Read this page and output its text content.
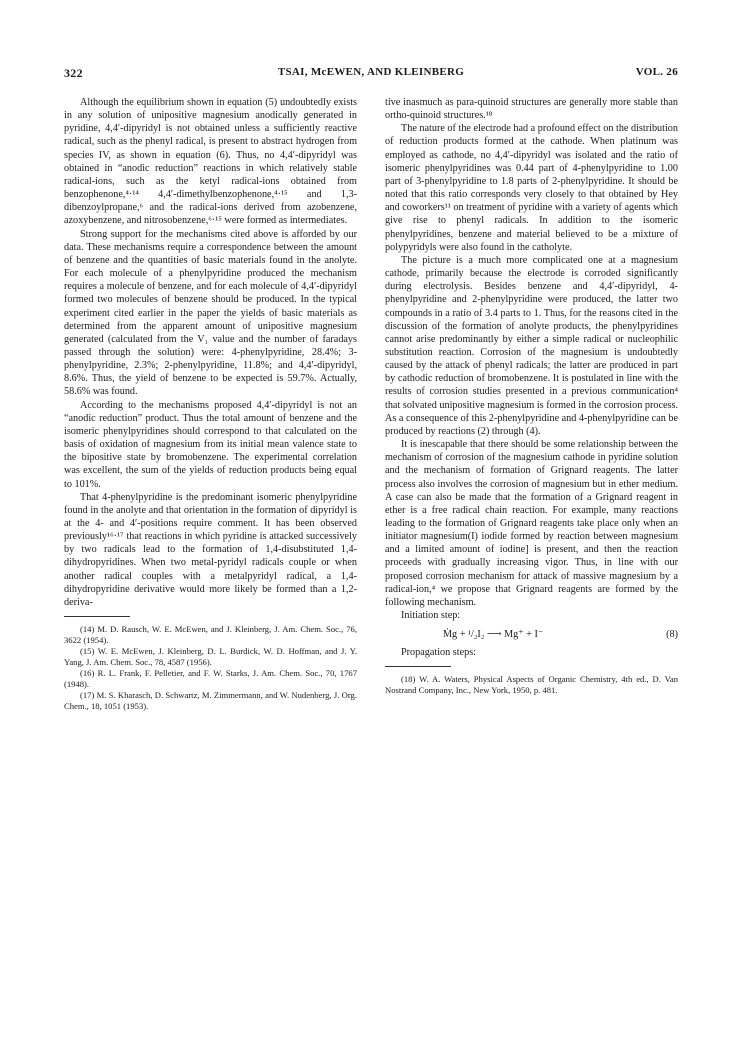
322	TSAI, McEWEN, AND KLEINBERG	VOL. 26

Although the equilibrium shown in equation (5) undoubtedly exists in any solution of unipositive magnesium anodically generated in pyridine, 4,4′-dipyridyl is not obtained unless a sufficiently reactive radical, such as the phenyl radical, is present to abstract hydrogen from species IV, as shown in equation (6). Thus, no 4,4′-dipyridyl was obtained in “anodic reduction” reactions in which relatively stable radical-ions, such as the ketyl radical-ions obtained from benzophenone,⁴·¹⁴ 4,4′-dimethylbenzophenone,⁴·¹⁵ and 1,3-dibenzoylpropane,⁶ and the radical-ions derived from azobenzene, azoxybenzene, and nitrosobenzene,⁶·¹⁵ were formed as intermediates.

Strong support for the mechanisms cited above is afforded by our data. These mechanisms require a correspondence between the amount of benzene and the quantities of basic materials found in the anolyte. For each molecule of a phenylpyridine produced the mechanism requires a molecule of benzene, and for each molecule of 4,4′-dipyridyl formed two molecules of benzene should be produced. In the typical experiment cited earlier in the paper the yields of basic materials as determined from the apparent amount of unipositive magnesium generated (calculated from the V₁ value and the number of faradays passed through the solution) were: 4-phenylpyridine, 28.4%; 3-phenylpyridine, 2.3%; 2-phenylpyridine, 11.8%; and 4,4′-dipyridyl, 8.6%. Thus, the yield of benzene to be expected is 59.7%. Actually, 58.6% was found.

According to the mechanisms proposed 4,4′-dipyridyl is not an “anodic reduction” product. Thus the total amount of benzene and the isomeric phenylpyridines should correspond to that calculated on the basis of oxidation of magnesium from its initial mean valence state to the bipositive state by bromobenzene. The experimental correlation was excellent, the sum of the yields of reduction products being equal to 101%.

That 4-phenylpyridine is the predominant isomeric phenylpyridine found in the anolyte and that orientation in the formation of dipyridyl is at the 4- and 4′-positions require comment. It has been observed previously¹⁶·¹⁷ that reactions in which pyridine is attacked successively by two radicals lead to the formation of 1,4-disubstituted 1,4-dihydropyridines. When two metal-pyridyl radicals couple or when another radical couples with a metalpyridyl radical, a 1,4-dihydropyridine derivative would more likely be formed than a 1,2-deriva-

(14) M. D. Rausch, W. E. McEwen, and J. Kleinberg, J. Am. Chem. Soc., 76, 3622 (1954).

(15) W. E. McEwen, J. Kleinberg, D. L. Burdick, W. D. Hoffman, and J. Y. Yang, J. Am. Chem. Soc., 78, 4587 (1956).

(16) R. L. Frank, F. Pelletier, and F. W. Starks, J. Am. Chem. Soc., 70, 1767 (1948).

(17) M. S. Kharasch, D. Schwartz, M. Zimmermann, and W. Nudenberg, J. Org. Chem., 18, 1051 (1953).

tive inasmuch as para-quinoid structures are generally more stable than ortho-quinoid structures.¹⁸

The nature of the electrode had a profound effect on the distribution of reduction products formed at the cathode. When platinum was employed as cathode, no 4,4′-dipyridyl was isolated and the ratio of isomeric phenylpyridines was 0.44 part of 4-phenylpyridine to 1.00 part of 3-phenylpyridine to 1.8 parts of 2-phenylpyridine. It should be noted that this ratio corresponds very closely to that obtained by Hey and coworkers¹¹ on treatment of pyridine with a variety of agents which give rise to phenyl radicals. In addition to the isomeric phenylpyridines, benzene and material believed to be a mixture of polypyridyls were also found in the catholyte.

The picture is a much more complicated one at a magnesium cathode, primarily because the electrode is corroded significantly during electrolysis. Besides benzene and 4,4′-dipyridyl, 4-phenylpyridine and 2-phenylpyridine were produced, the latter two compounds in a ratio of 3.4 parts to 1. Thus, for the reasons cited in the discussion of the formation of anolyte products, the phenylpyridines cannot arise predominantly by either a simple radical or nucleophilic substitution reaction. Corrosion of the magnesium is undoubtedly caused by the attack of phenyl radicals; the latter are produced in part by cathodic reduction of bromobenzene. It is postulated in line with the results of corrosion studies presented in a previous communication⁴ that solvated unipositive magnesium is formed in the corrosion process. As a consequence of this 2-phenylpyridine and 4-phenylpyridine can be produced by reactions (2) through (4).

It is inescapable that there should be some relationship between the mechanism of corrosion of the magnesium cathode in pyridine solution and the mechanism of formation of Grignard reagents. The latter process also involves the corrosion of magnesium but in ether medium. A case can also be made that the formation of a Grignard reagent in ether is a free radical chain reaction. For example, many reactions leading to the formation of Grignard reagents take place only when an initiator magnesium(I) iodide formed by reaction between magnesium and a limited amount of iodine] is present, and then the reaction proceeds with gradually increasing vigor. Thus, in line with our proposed corrosion mechanism for attack of massive magnesium by a radical-ion,⁴ we propose that Grignard reagents are formed by the following mechanism.

Initiation step:

Ṁg + ¹/₂I₂ ⟶ Mg⁺ + I⁻	(8)

Propagation steps:

(18) W. A. Waters, Physical Aspects of Organic Chemistry, 4th ed., D. Van Nostrand Company, Inc., New York, 1950, p. 481.
